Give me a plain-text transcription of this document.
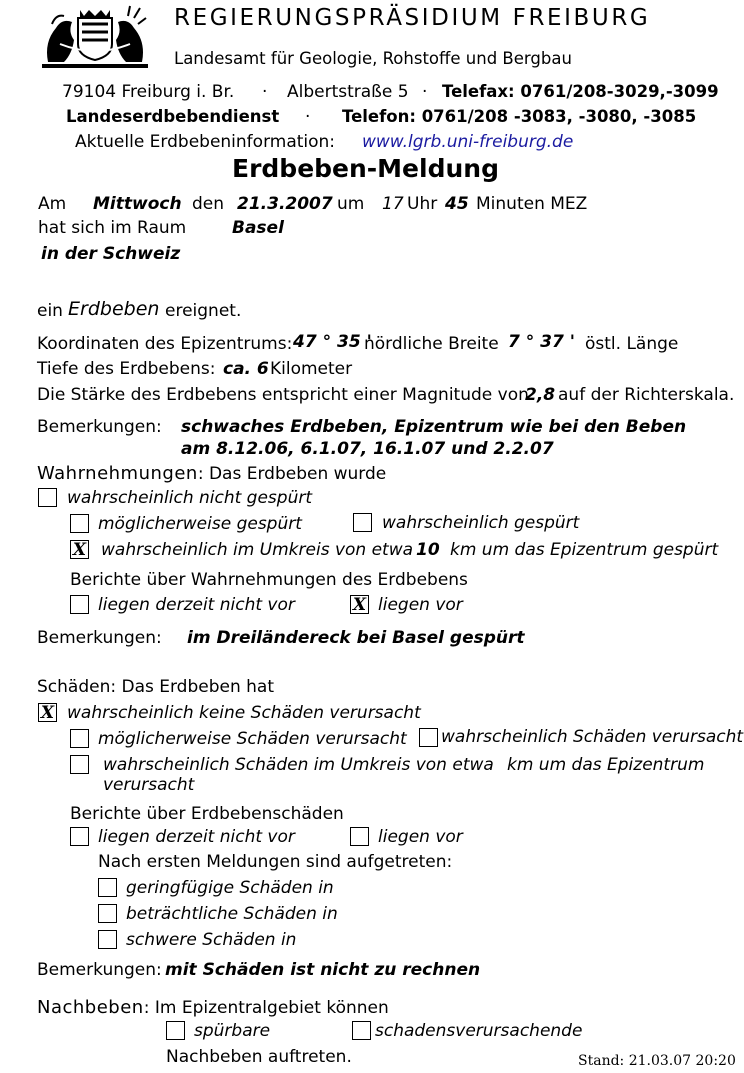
REGIERUNGSPRÄSIDIUM FREIBURG
Landesamt für Geologie, Rohstoffe und Bergbau
79104 Freiburg i. Br. · Albertstraße 5 · Telefax: 0761/208-3029,-3099
Landeserdbebendienst · Telefon: 0761/208 -3083, -3080, -3085
Aktuelle Erdbebeninformation: www.lgrb.uni-freiburg.de
Erdbeben-Meldung
Am Mittwoch den 21.3.2007 um 17 Uhr 45 Minuten MEZ
hat sich im Raum	Basel
in der Schweiz
ein Erdbeben ereignet.
Koordinaten des Epizentrums: 47 ° 35 '
nördliche Breite 7 ° 37 ' östl. Länge
Tiefe des Erdbebens: ca. 6 Kilometer
Die Stärke des Erdbebens entspricht einer Magnitude von
2,8 auf der Richterskala.
Bemerkungen: schwaches Erdbeben, Epizentrum wie bei den Beben
am 8.12.06, 6.1.07, 16.1.07 und 2.2.07
Wahrnehmungen: Das Erdbeben wurde
wahrscheinlich nicht gespürt
möglicherweise gespürt	wahrscheinlich gespürt
X wahrscheinlich im Umkreis von etwa 10 km um das Epizentrum gespürt
Berichte über Wahrnehmungen des Erdbebens
liegen derzeit nicht vor	X liegen vor
Bemerkungen: im Dreiländereck bei Basel gespürt
Schäden: Das Erdbeben hat
X wahrscheinlich keine Schäden verursacht
möglicherweise Schäden verursacht wahrscheinlich Schäden verursacht
wahrscheinlich Schäden im Umkreis von etwa km um das Epizentrum
verursacht
Berichte über Erdbebenschäden
liegen derzeit nicht vor	liegen vor
Nach ersten Meldungen sind aufgetreten:
geringfügige Schäden in
beträchtliche Schäden in
schwere Schäden in
Bemerkungen: mit Schäden ist nicht zu rechnen
Nachbeben: Im Epizentralgebiet können
spürbare	schadensverursachende
Nachbeben auftreten.	Stand: 21.03.07 20:20
